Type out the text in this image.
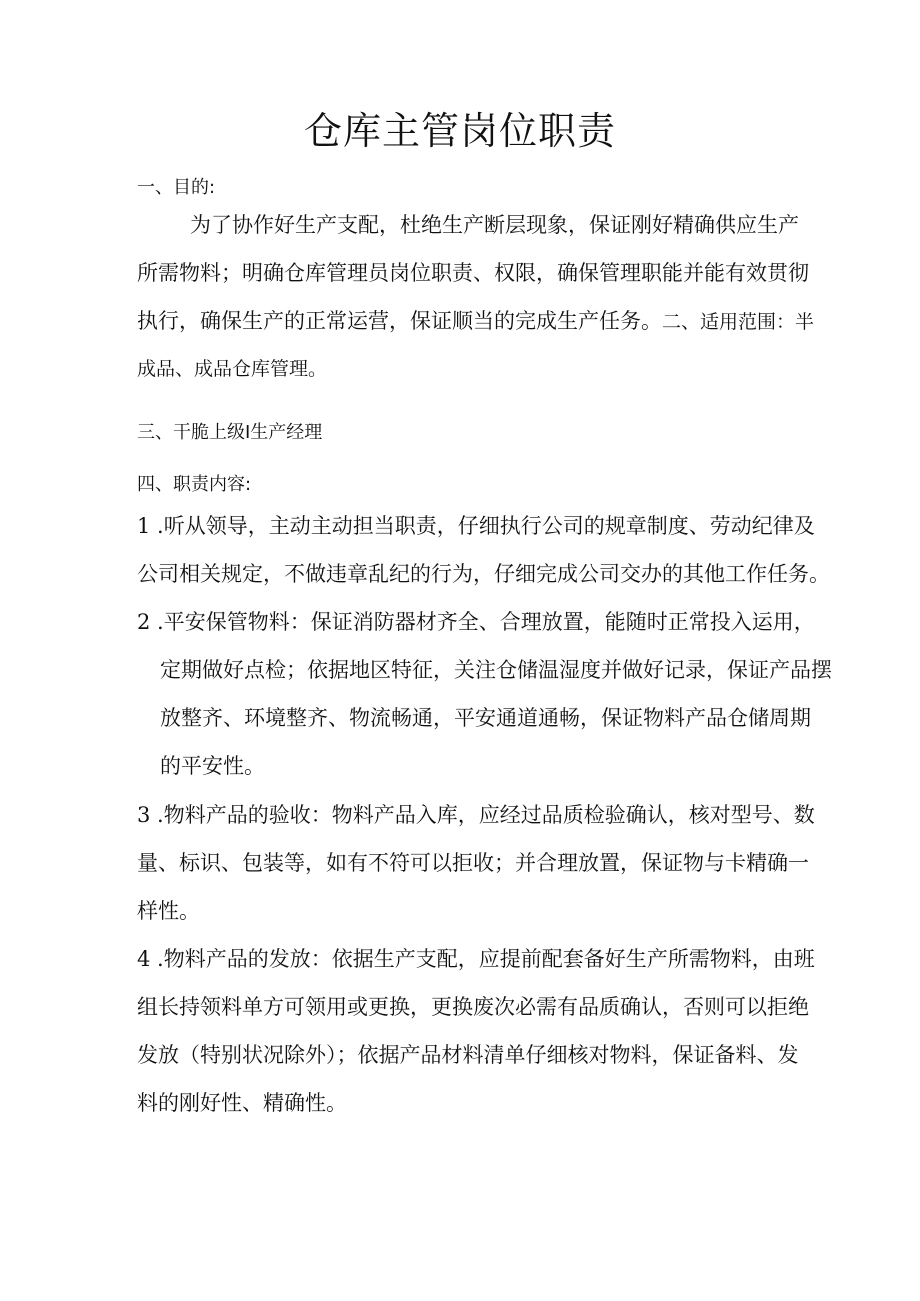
仓库主管岗位职责
一、目的:
为了协作好生产支配，杜绝生产断层现象，保证刚好精确供应生产
所需物料；明确仓库管理员岗位职责、权限，确保管理职能并能有效贯彻
执行，确保生产的正常运营，保证顺当的完成生产任务。二、适用范围：半
成品、成品仓库管理。
三、干脆上级I生产经理
四、职责内容:
1 .听从领导，主动主动担当职责，仔细执行公司的规章制度、劳动纪律及
公司相关规定，不做违章乱纪的行为，仔细完成公司交办的其他工作任务。
2 .平安保管物料：保证消防器材齐全、合理放置，能随时正常投入运用，
定期做好点检；依据地区特征，关注仓储温湿度并做好记录，保证产品摆
放整齐、环境整齐、物流畅通，平安通道通畅，保证物料产品仓储周期
的平安性。
3 .物料产品的验收：物料产品入库，应经过品质检验确认，核对型号、数
量、标识、包装等，如有不符可以拒收；并合理放置，保证物与卡精确一
样性。
4 .物料产品的发放：依据生产支配，应提前配套备好生产所需物料，由班
组长持领料单方可领用或更换，更换废次必需有品质确认，否则可以拒绝
发放（特别状况除外）；依据产品材料清单仔细核对物料，保证备料、发
料的刚好性、精确性。
